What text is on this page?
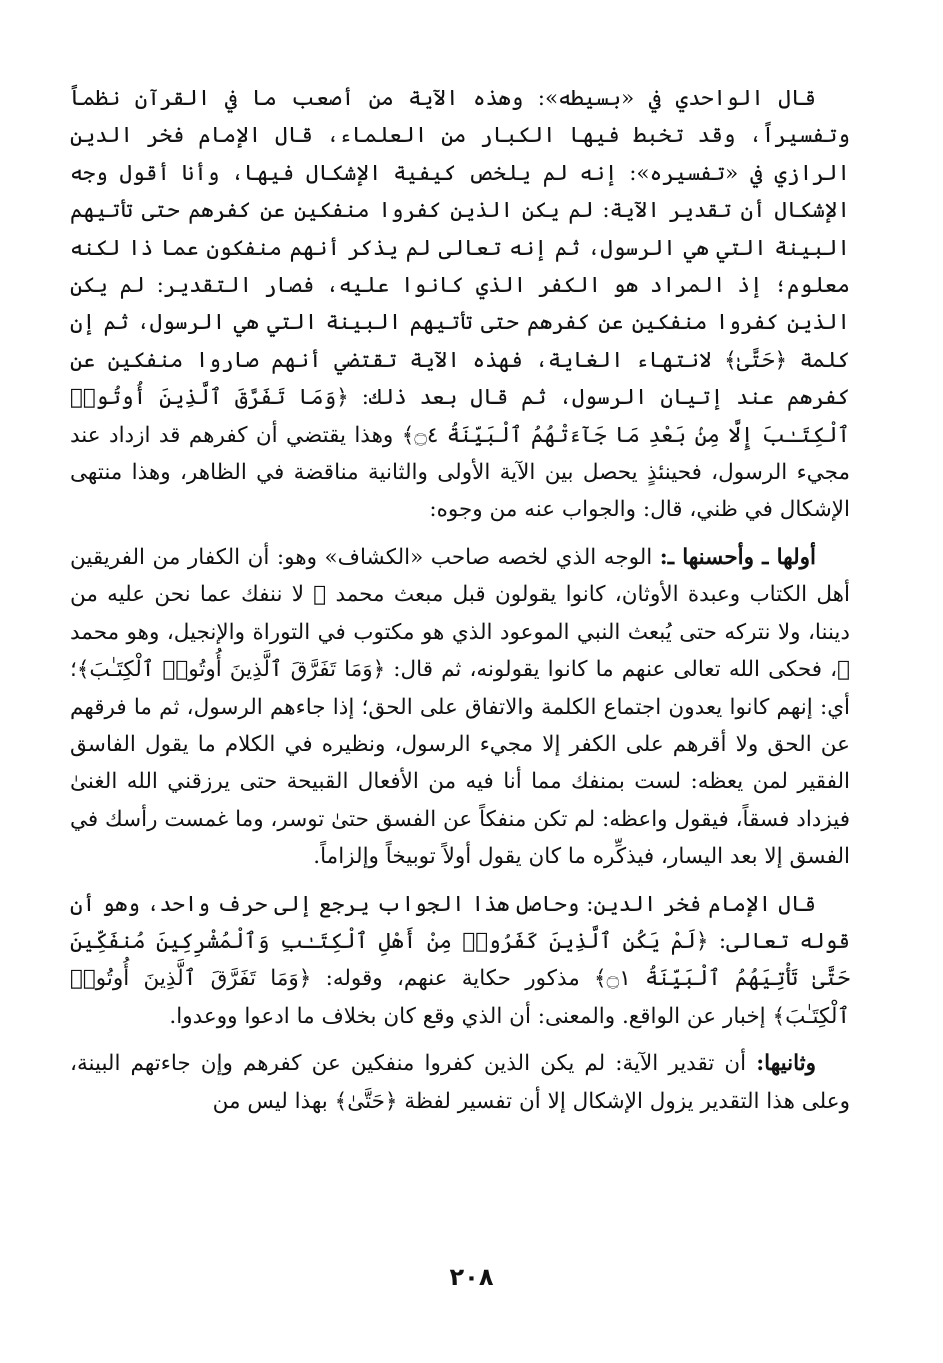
قال الواحدي في «بسيطه»: وهذه الآية من أصعب ما في القرآن نظماً وتفسيراً، وقد تخبط فيها الكبار من العلماء، قال الإمام فخر الدين الرازي في «تفسيره»: إنه لم يلخص كيفية الإشكال فيها، وأنا أقول وجه الإشكال أن تقدير الآية: لم يكن الذين كفروا منفكين عن كفرهم حتى تأتيهم البينة التي هي الرسول، ثم إنه تعالى لم يذكر أنهم منفكون عما ذا لكنه معلوم؛ إذ المراد هو الكفر الذي كانوا عليه، فصار التقدير: لم يكن الذين كفروا منفكين عن كفرهم حتى تأتيهم البينة التي هي الرسول، ثم إن كلمة ﴿حَتَّىٰ﴾ لانتهاء الغاية، فهذه الآية تقتضي أنهم صاروا منفكين عن كفرهم عند إتيان الرسول، ثم قال بعد ذلك: ﴿وَمَا تَفَرَّقَ ٱلَّذِينَ أُوتُوا۟ ٱلْكِتَـٰبَ إِلَّا مِنۢ بَعْدِ مَا جَآءَتْهُمُ ٱلْبَيِّنَةُ ۝٤﴾ وهذا يقتضي أن كفرهم قد ازداد عند مجيء الرسول، فحينئذٍ يحصل بين الآية الأولى والثانية مناقضة في الظاهر، وهذا منتهى الإشكال في ظني، قال: والجواب عنه من وجوه:

أولها ـ وأحسنها ـ: الوجه الذي لخصه صاحب «الكشاف» وهو: أن الكفار من الفريقين أهل الكتاب وعبدة الأوثان، كانوا يقولون قبل مبعث محمد ﷺ لا ننفك عما نحن عليه من ديننا، ولا نتركه حتى يُبعث النبي الموعود الذي هو مكتوب في التوراة والإنجيل، وهو محمد ﷺ، فحكى الله تعالى عنهم ما كانوا يقولونه، ثم قال: ﴿وَمَا تَفَرَّقَ ٱلَّذِينَ أُوتُوا۟ ٱلْكِتَـٰبَ﴾؛ أي: إنهم كانوا يعدون اجتماع الكلمة والاتفاق على الحق؛ إذا جاءهم الرسول، ثم ما فرقهم عن الحق ولا أقرهم على الكفر إلا مجيء الرسول، ونظيره في الكلام ما يقول الفاسق الفقير لمن يعظه: لست بمنفك مما أنا فيه من الأفعال القبيحة حتى يرزقني الله الغنىٰ فيزداد فسقاً، فيقول واعظه: لم تكن منفكاً عن الفسق حتىٰ توسر، وما غمست رأسك في الفسق إلا بعد اليسار، فيذكِّره ما كان يقول أولاً توبيخاً وإلزاماً.

قال الإمام فخر الدين: وحاصل هذا الجواب يرجع إلى حرف واحد، وهو أن قوله تعالى: ﴿لَمْ يَكُنِ ٱلَّذِينَ كَفَرُوا۟ مِنْ أَهْلِ ٱلْكِتَـٰبِ وَٱلْمُشْرِكِينَ مُنفَكِّينَ حَتَّىٰ تَأْتِيَهُمُ ٱلْبَيِّنَةُ ۝١﴾ مذكور حكاية عنهم، وقوله: ﴿وَمَا تَفَرَّقَ ٱلَّذِينَ أُوتُوا۟ ٱلْكِتَـٰبَ﴾ إخبار عن الواقع. والمعنى: أن الذي وقع كان بخلاف ما ادعوا ووعدوا.

وثانيها: أن تقدير الآية: لم يكن الذين كفروا منفكين عن كفرهم وإن جاءتهم البينة، وعلى هذا التقدير يزول الإشكال إلا أن تفسير لفظة ﴿حَتَّىٰ﴾ بهذا ليس من

٢٠٨
